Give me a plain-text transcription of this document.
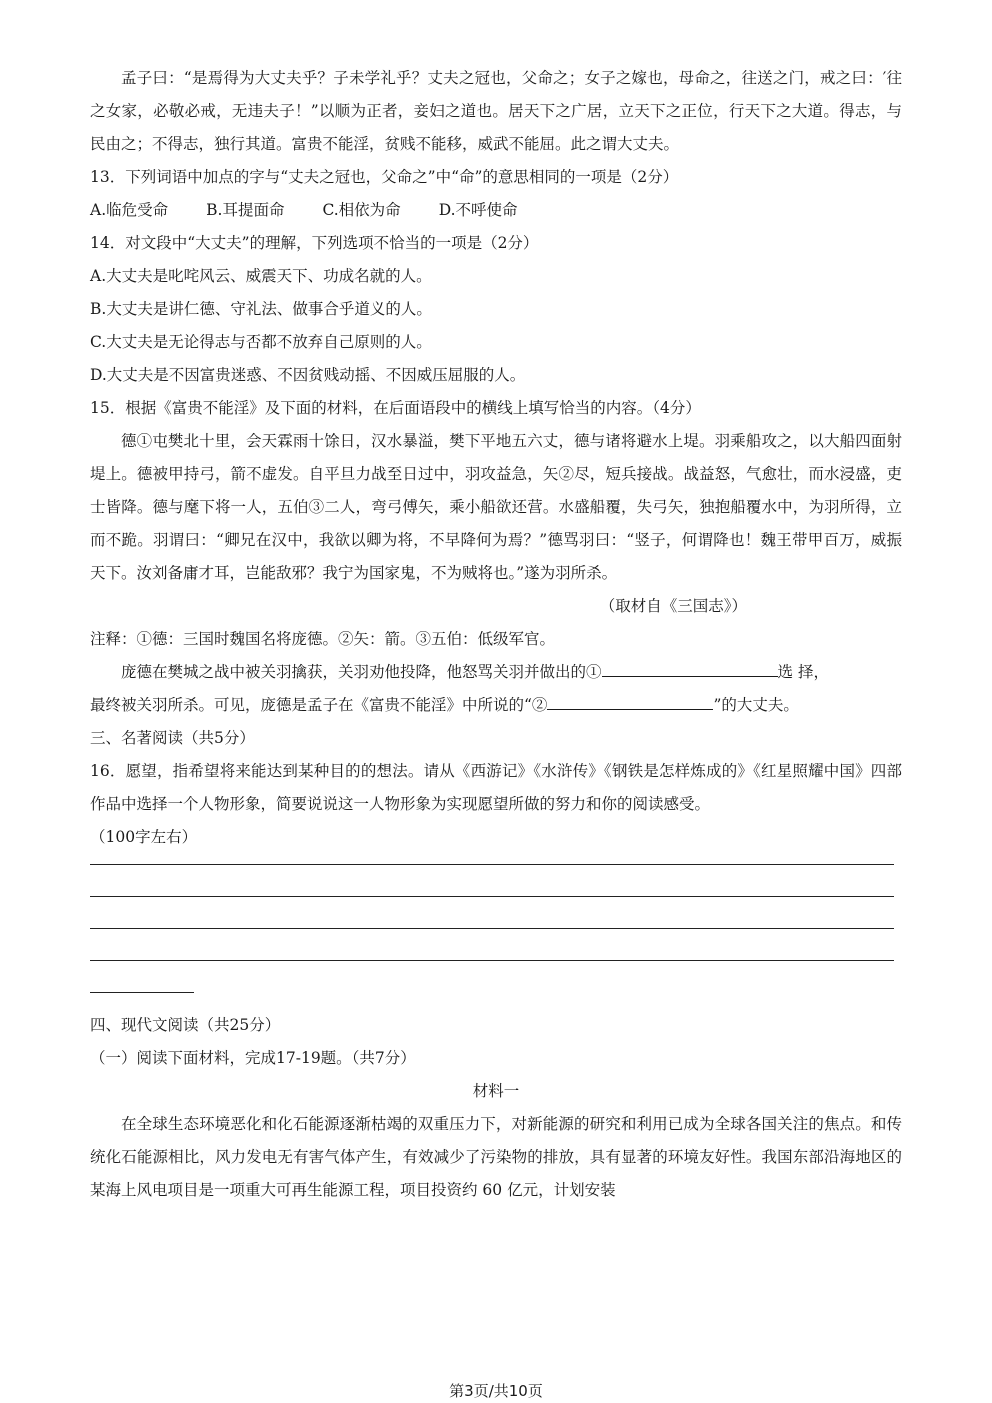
孟子曰：“是焉得为大丈夫乎？子未学礼乎？丈夫之冠也，父命之；女子之嫁也，母命之，往送之门，戒之曰：′往之女家，必敬必戒，无违夫子！”以顺为正者，妾妇之道也。居天下之广居，立天下之正位，行天下之大道。得志，与民由之；不得志，独行其道。富贵不能淫，贫贱不能移，威武不能屈。此之谓大丈夫。

13．下列词语中加点的字与“丈夫之冠也，父命之”中“命”的意思相同的一项是（2分）

A.临危受命 B.耳提面命 C.相依为命 D.不呼使命

14．对文段中“大丈夫”的理解，下列选项不恰当的一项是（2分）

A.大丈夫是叱咤风云、威震天下、功成名就的人。

B.大丈夫是讲仁德、守礼法、做事合乎道义的人。

C.大丈夫是无论得志与否都不放弃自己原则的人。

D.大丈夫是不因富贵迷惑、不因贫贱动摇、不因威压屈服的人。

15．根据《富贵不能淫》及下面的材料，在后面语段中的横线上填写恰当的内容。（4分）

德①屯樊北十里，会天霖雨十馀日，汉水暴溢，樊下平地五六丈，德与诸将避水上堤。羽乘船攻之，以大船四面射堤上。德被甲持弓，箭不虚发。自平旦力战至日过中，羽攻益急，矢②尽，短兵接战。战益怒，气愈壮，而水浸盛，吏士皆降。德与麾下将一人，五伯③二人，弯弓傅矢，乘小船欲还营。水盛船覆，失弓矢，独抱船覆水中，为羽所得，立而不跪。羽谓曰：“卿兄在汉中，我欲以卿为将，不早降何为焉？”德骂羽曰：“竖子，何谓降也！魏王带甲百万，威振天下。汝刘备庸才耳，岂能敌邪？我宁为国家鬼，不为贼将也。”遂为羽所杀。

（取材自《三国志》）

注释：①德：三国时魏国名将庞德。②矢：箭。③五伯：低级军官。

庞德在樊城之战中被关羽擒获，关羽劝他投降，他怒骂关羽并做出的①	选 择，

最终被关羽所杀。可见，庞德是孟子在《富贵不能淫》中所说的“②	”的大丈夫。

三、名著阅读（共5分）

16．愿望，指希望将来能达到某种目的的想法。请从《西游记》《水浒传》《钢铁是怎样炼成的》《红星照耀中国》四部作品中选择一个人物形象，简要说说这一人物形象为实现愿望所做的努力和你的阅读感受。

（100字左右）

四、现代文阅读（共25分）

（一）阅读下面材料，完成17-19题。（共7分）

材料一

在全球生态环境恶化和化石能源逐渐枯竭的双重压力下，对新能源的研究和利用已成为全球各国关注的焦点。和传统化石能源相比，风力发电无有害气体产生，有效减少了污染物的排放，具有显著的环境友好性。我国东部沿海地区的某海上风电项目是一项重大可再生能源工程，项目投资约 60 亿元，计划安装

第3页/共10页
